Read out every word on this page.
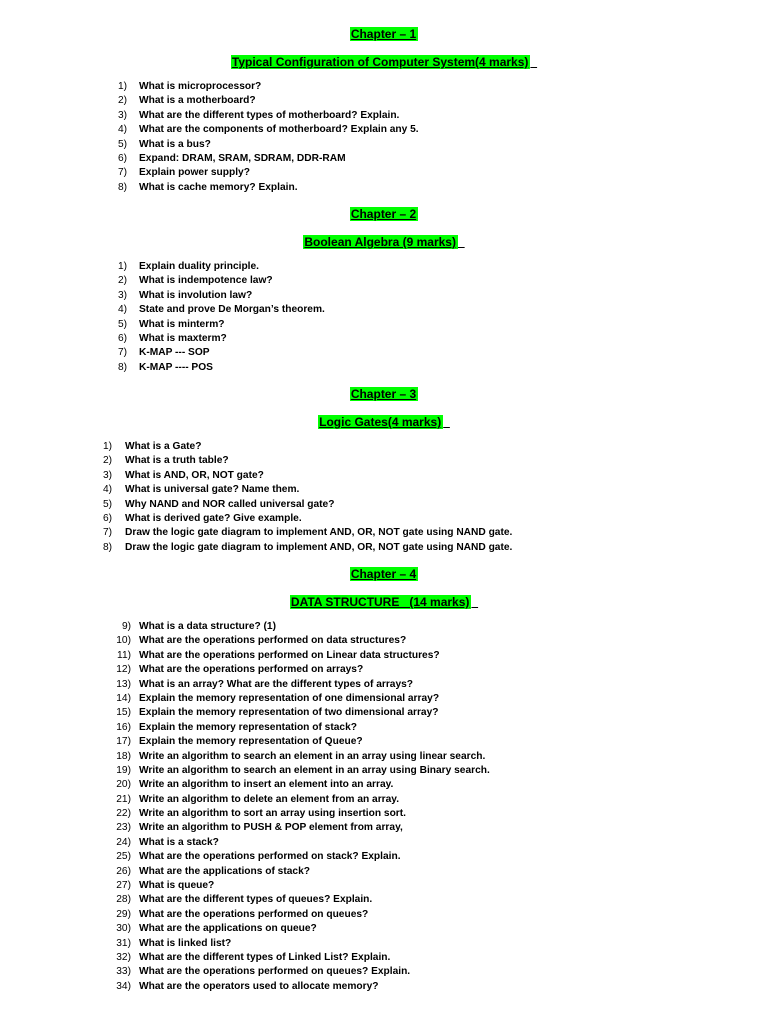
Chapter – 1
Typical Configuration of Computer System(4 marks)
1) What is microprocessor?
2) What is a motherboard?
3) What are the different types of motherboard? Explain.
4) What are the components of motherboard? Explain any 5.
5) What is a bus?
6) Expand: DRAM, SRAM, SDRAM, DDR-RAM
7) Explain power supply?
8) What is cache memory? Explain.
Chapter – 2
Boolean Algebra (9 marks)
1) Explain duality principle.
2) What is indempotence law?
3) What is involution law?
4) State and prove De Morgan’s theorem.
5) What is minterm?
6) What is maxterm?
7) K-MAP --- SOP
8) K-MAP ---- POS
Chapter – 3
Logic Gates(4 marks)
1) What is a Gate?
2) What is a truth table?
3) What is AND, OR, NOT gate?
4) What is universal gate? Name them.
5) Why NAND and NOR called universal gate?
6) What is derived gate? Give example.
7) Draw the logic gate diagram to implement AND, OR, NOT gate using NAND gate.
8) Draw the logic gate diagram to implement AND, OR, NOT gate using NAND gate.
Chapter – 4
DATA STRUCTURE   (14 marks)
9) What is a data structure? (1)
10) What are the operations performed on data structures?
11) What are the operations performed on Linear data structures?
12) What are the operations performed on arrays?
13) What is an array? What are the different types of arrays?
14) Explain the memory representation of one dimensional array?
15) Explain the memory representation of two dimensional array?
16) Explain the memory representation of stack?
17) Explain the memory representation of Queue?
18) Write an algorithm to search an element in an array using linear search.
19) Write an algorithm to search an element in an array using Binary search.
20) Write an algorithm to insert an element into an array.
21) Write an algorithm to delete an element from an array.
22) Write an algorithm to sort an array using insertion sort.
23) Write an algorithm to PUSH & POP element from array,
24) What is a stack?
25) What are the operations performed on stack? Explain.
26) What are the applications of stack?
27) What is queue?
28) What are the different types of queues? Explain.
29) What are the operations performed on queues?
30) What are the applications on queue?
31) What is linked list?
32) What are the different types of Linked List? Explain.
33) What are the operations performed on queues? Explain.
34) What are the operators used to allocate memory?
